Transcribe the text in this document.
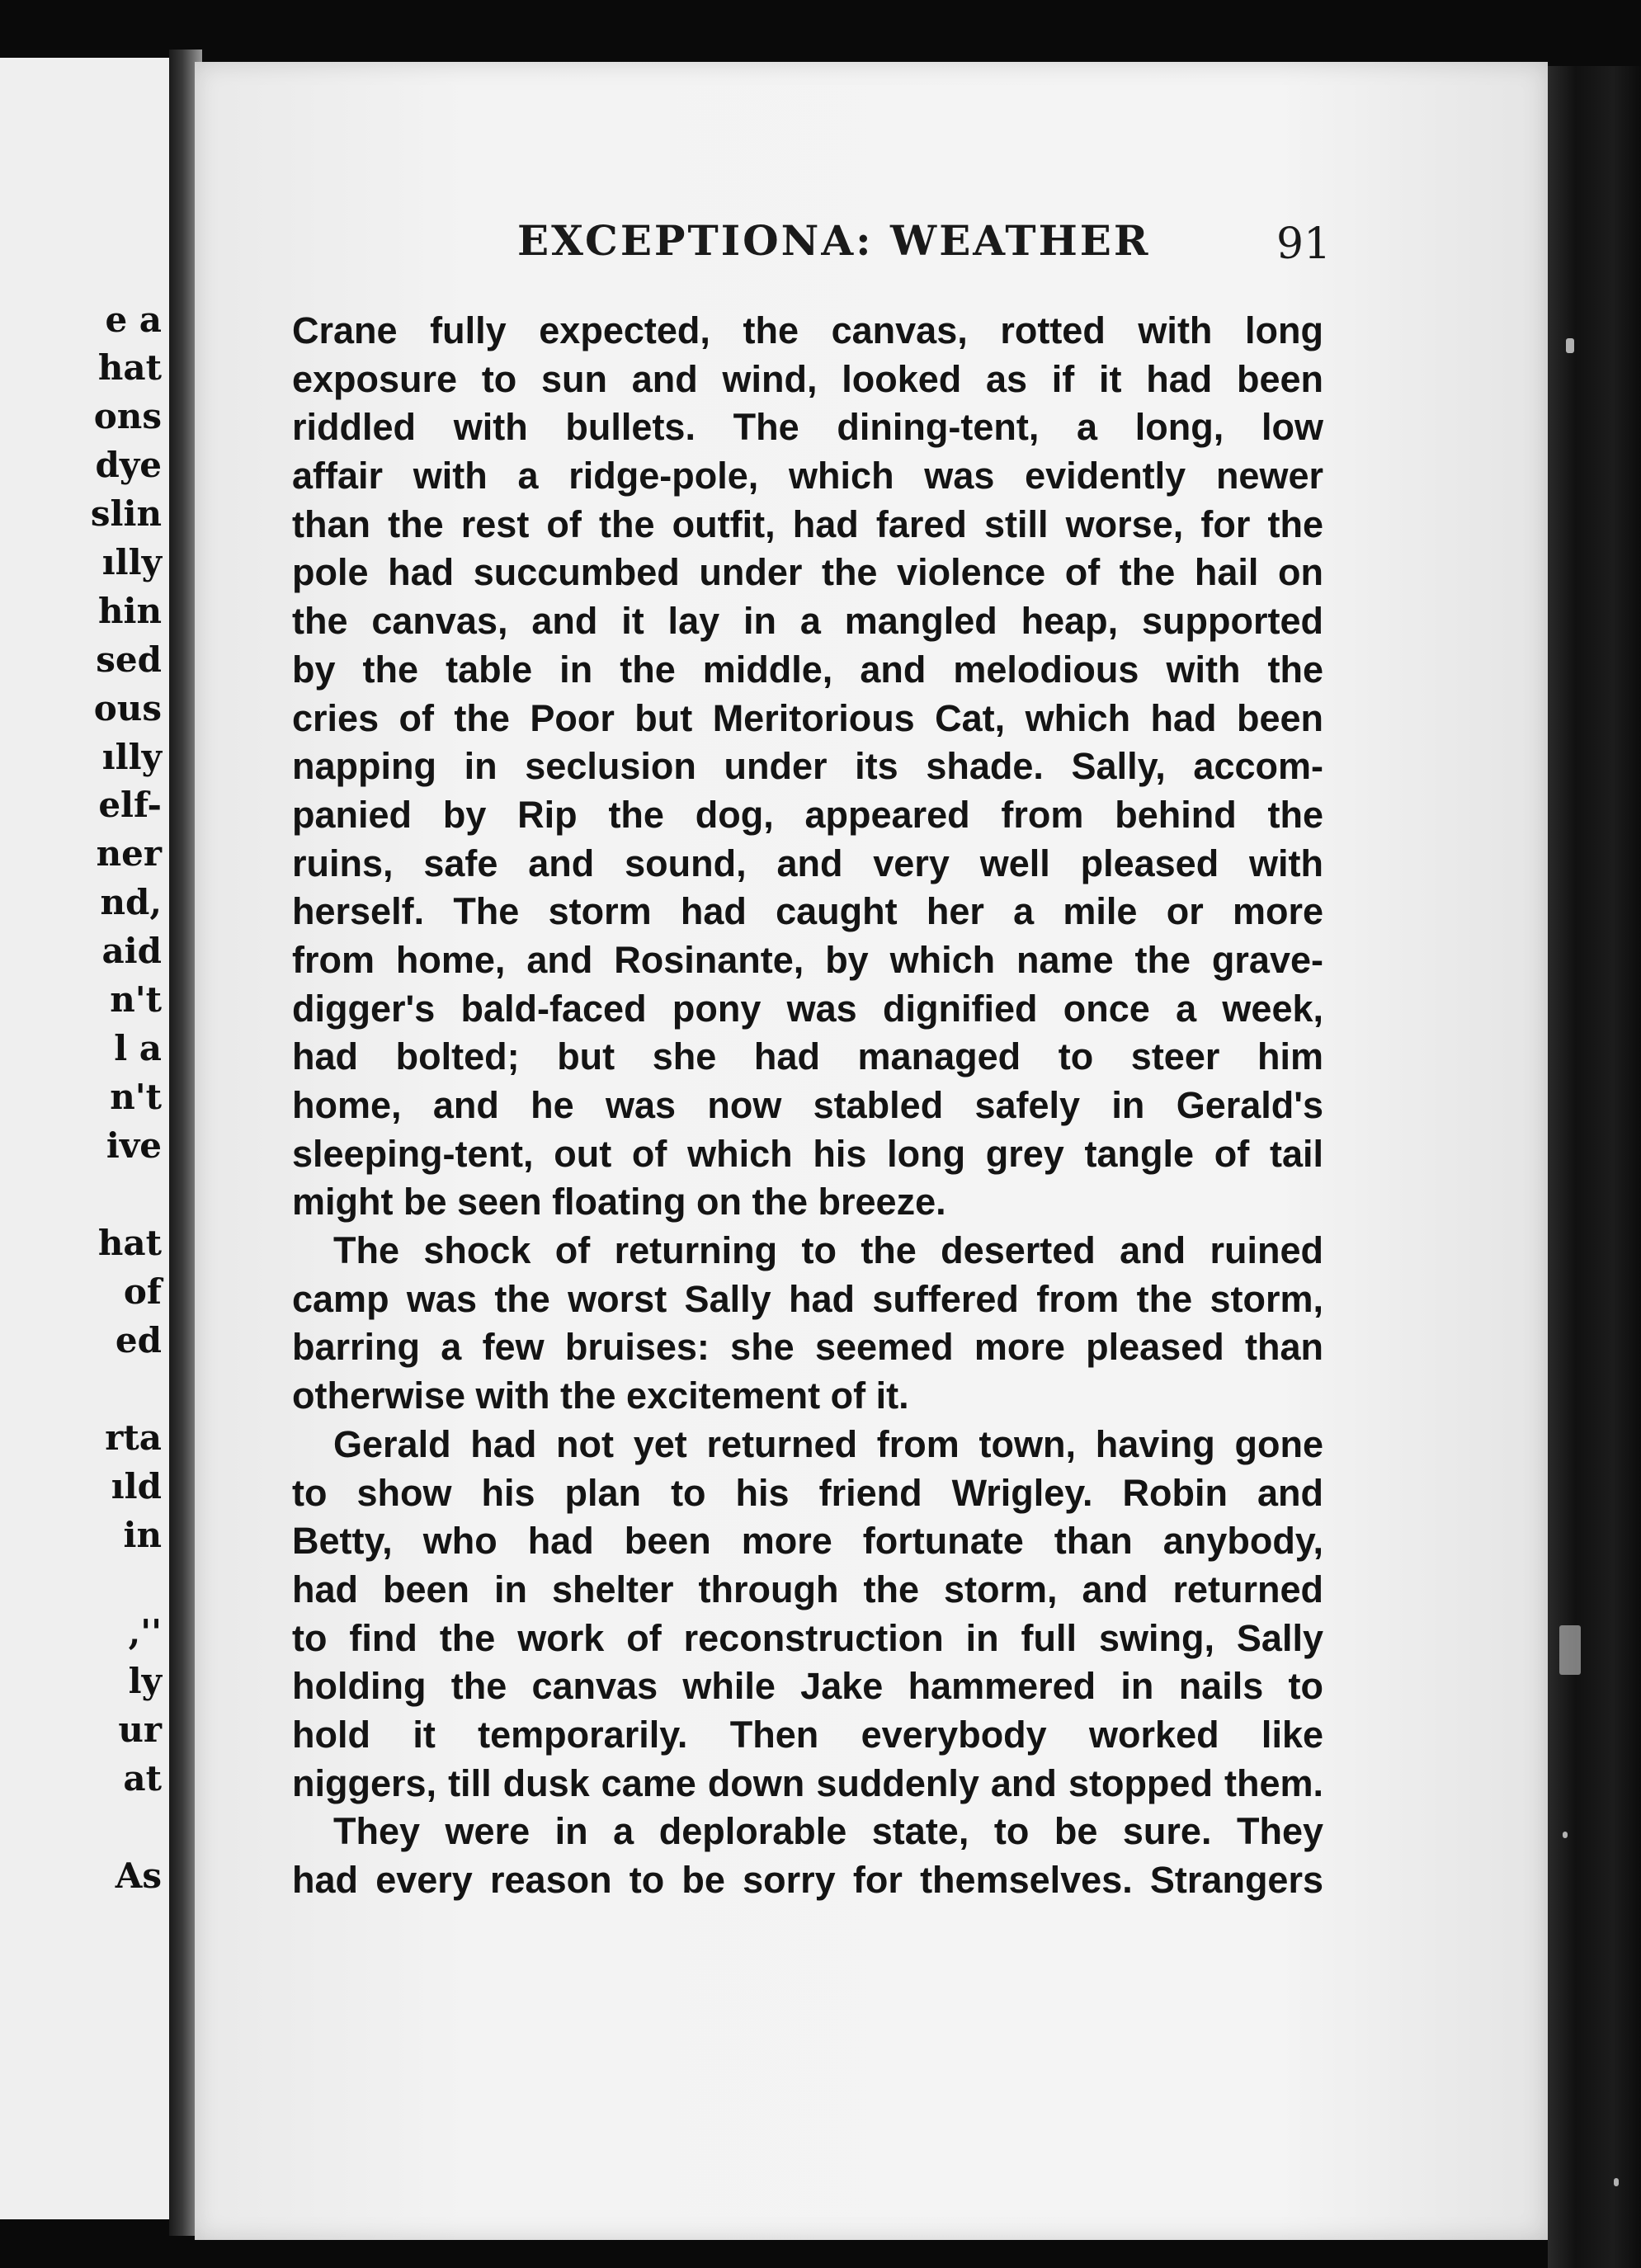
e a

hat

ons

dye

slin

ılly

hin

sed

ous

ılly

elf-

ner

nd,

aid

n't

l a

n't

ive

hat

of

ed

rta

ıld

in

,''

ly

ur

at

As

EXCEPTIONA: WEATHER	91

Crane fully expected, the canvas, rotted with long

exposure to sun and wind, looked as if it had been

riddled with bullets. The dining-tent, a long, low

affair with a ridge-pole, which was evidently newer

than the rest of the outfit, had fared still worse, for the

pole had succumbed under the violence of the hail on

the canvas, and it lay in a mangled heap, supported

by the table in the middle, and melodious with the

cries of the Poor but Meritorious Cat, which had been

napping in seclusion under its shade. Sally, accom-

panied by Rip the dog, appeared from behind the

ruins, safe and sound, and very well pleased with

herself. The storm had caught her a mile or more

from home, and Rosinante, by which name the grave-

digger's bald-faced pony was dignified once a week,

had bolted; but she had managed to steer him

home, and he was now stabled safely in Gerald's

sleeping-tent, out of which his long grey tangle of tail

might be seen floating on the breeze.

The shock of returning to the deserted and ruined

camp was the worst Sally had suffered from the storm,

barring a few bruises: she seemed more pleased than

otherwise with the excitement of it.

Gerald had not yet returned from town, having gone

to show his plan to his friend Wrigley. Robin and

Betty, who had been more fortunate than anybody,

had been in shelter through the storm, and returned

to find the work of reconstruction in full swing, Sally

holding the canvas while Jake hammered in nails to

hold it temporarily. Then everybody worked like

niggers, till dusk came down suddenly and stopped them.

They were in a deplorable state, to be sure. They

had every reason to be sorry for themselves. Strangers
